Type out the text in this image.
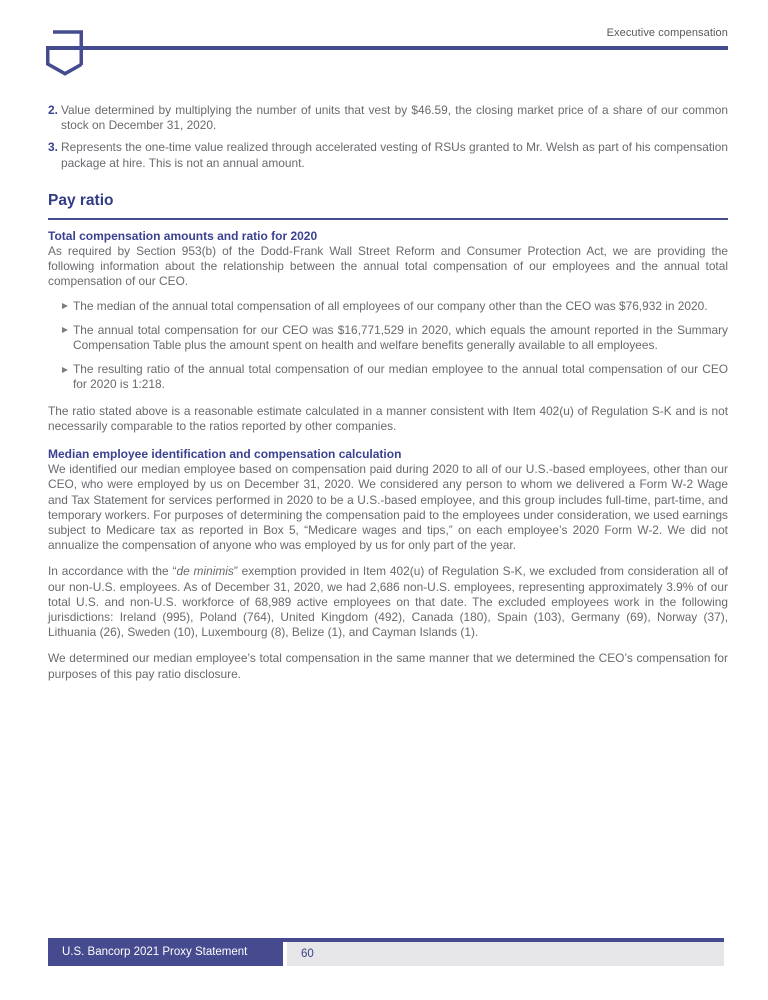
Executive compensation
2. Value determined by multiplying the number of units that vest by $46.59, the closing market price of a share of our common stock on December 31, 2020.
3. Represents the one-time value realized through accelerated vesting of RSUs granted to Mr. Welsh as part of his compensation package at hire. This is not an annual amount.
Pay ratio
Total compensation amounts and ratio for 2020
As required by Section 953(b) of the Dodd-Frank Wall Street Reform and Consumer Protection Act, we are providing the following information about the relationship between the annual total compensation of our employees and the annual total compensation of our CEO.
The median of the annual total compensation of all employees of our company other than the CEO was $76,932 in 2020.
The annual total compensation for our CEO was $16,771,529 in 2020, which equals the amount reported in the Summary Compensation Table plus the amount spent on health and welfare benefits generally available to all employees.
The resulting ratio of the annual total compensation of our median employee to the annual total compensation of our CEO for 2020 is 1:218.
The ratio stated above is a reasonable estimate calculated in a manner consistent with Item 402(u) of Regulation S-K and is not necessarily comparable to the ratios reported by other companies.
Median employee identification and compensation calculation
We identified our median employee based on compensation paid during 2020 to all of our U.S.-based employees, other than our CEO, who were employed by us on December 31, 2020. We considered any person to whom we delivered a Form W-2 Wage and Tax Statement for services performed in 2020 to be a U.S.-based employee, and this group includes full-time, part-time, and temporary workers. For purposes of determining the compensation paid to the employees under consideration, we used earnings subject to Medicare tax as reported in Box 5, “Medicare wages and tips,” on each employee’s 2020 Form W-2. We did not annualize the compensation of anyone who was employed by us for only part of the year.
In accordance with the “de minimis” exemption provided in Item 402(u) of Regulation S-K, we excluded from consideration all of our non-U.S. employees. As of December 31, 2020, we had 2,686 non-U.S. employees, representing approximately 3.9% of our total U.S. and non-U.S. workforce of 68,989 active employees on that date. The excluded employees work in the following jurisdictions: Ireland (995), Poland (764), United Kingdom (492), Canada (180), Spain (103), Germany (69), Norway (37), Lithuania (26), Sweden (10), Luxembourg (8), Belize (1), and Cayman Islands (1).
We determined our median employee’s total compensation in the same manner that we determined the CEO’s compensation for purposes of this pay ratio disclosure.
U.S. Bancorp 2021 Proxy Statement	60
